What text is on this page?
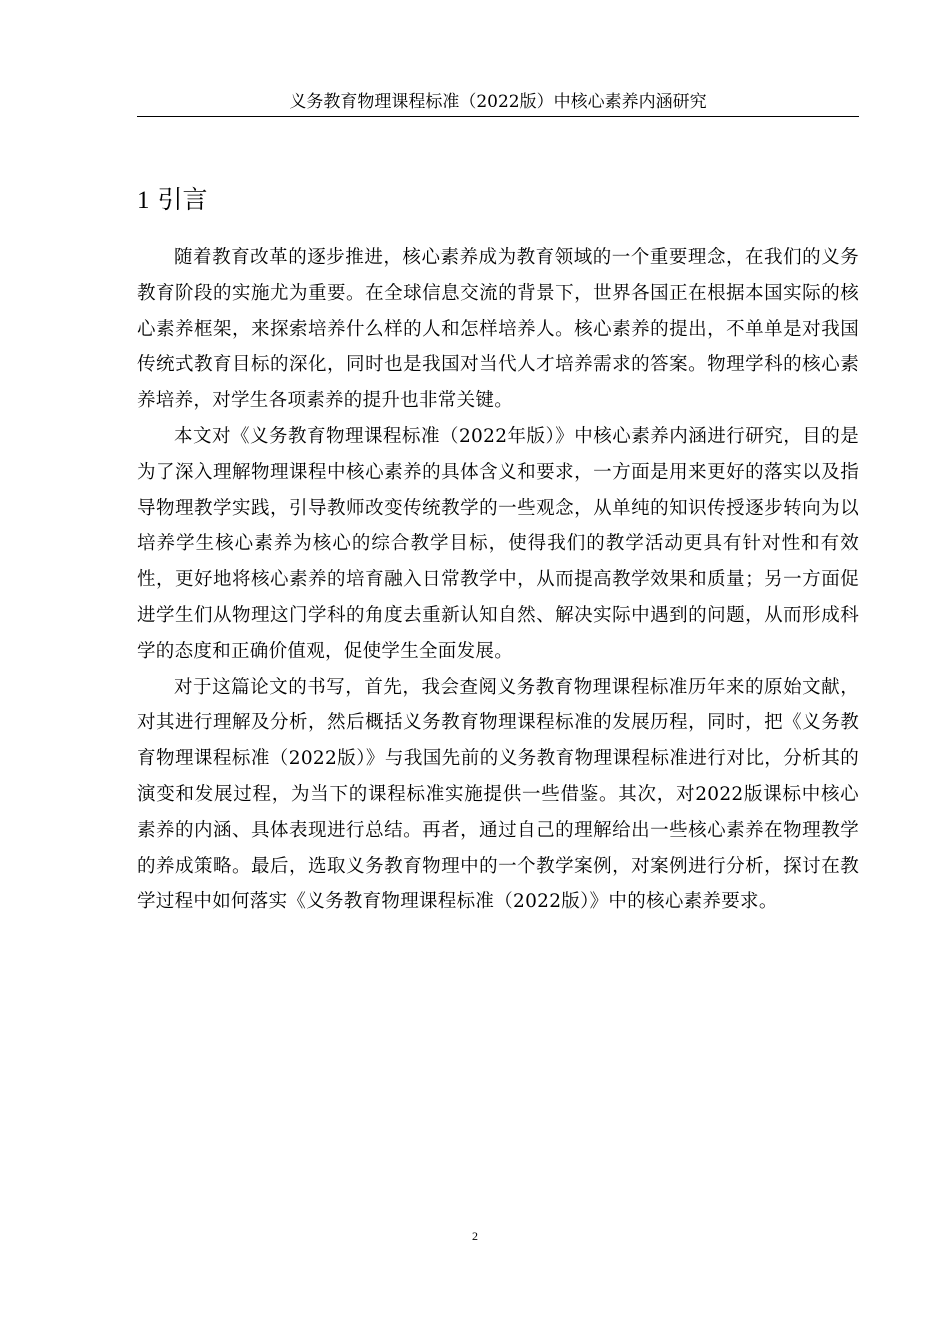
义务教育物理课程标准（2022版）中核心素养内涵研究
1 引言

随着教育改革的逐步推进，核心素养成为教育领域的一个重要理念，在我们的义务教育阶段的实施尤为重要。在全球信息交流的背景下，世界各国正在根据本国实际的核心素养框架，来探索培养什么样的人和怎样培养人。核心素养的提出，不单单是对我国传统式教育目标的深化，同时也是我国对当代人才培养需求的答案。物理学科的核心素养培养，对学生各项素养的提升也非常关键。

本文对《义务教育物理课程标准（2022年版）》中核心素养内涵进行研究，目的是为了深入理解物理课程中核心素养的具体含义和要求，一方面是用来更好的落实以及指导物理教学实践，引导教师改变传统教学的一些观念，从单纯的知识传授逐步转向为以培养学生核心素养为核心的综合教学目标，使得我们的教学活动更具有针对性和有效性，更好地将核心素养的培育融入日常教学中，从而提高教学效果和质量；另一方面促进学生们从物理这门学科的角度去重新认知自然、解决实际中遇到的问题，从而形成科学的态度和正确价值观，促使学生全面发展。

对于这篇论文的书写，首先，我会查阅义务教育物理课程标准历年来的原始文献，对其进行理解及分析，然后概括义务教育物理课程标准的发展历程，同时，把《义务教育物理课程标准（2022版）》与我国先前的义务教育物理课程标准进行对比，分析其的演变和发展过程，为当下的课程标准实施提供一些借鉴。其次，对2022版课标中核心素养的内涵、具体表现进行总结。再者，通过自己的理解给出一些核心素养在物理教学的养成策略。最后，选取义务教育物理中的一个教学案例，对案例进行分析，探讨在教学过程中如何落实《义务教育物理课程标准（2022版）》中的核心素养要求。

2
